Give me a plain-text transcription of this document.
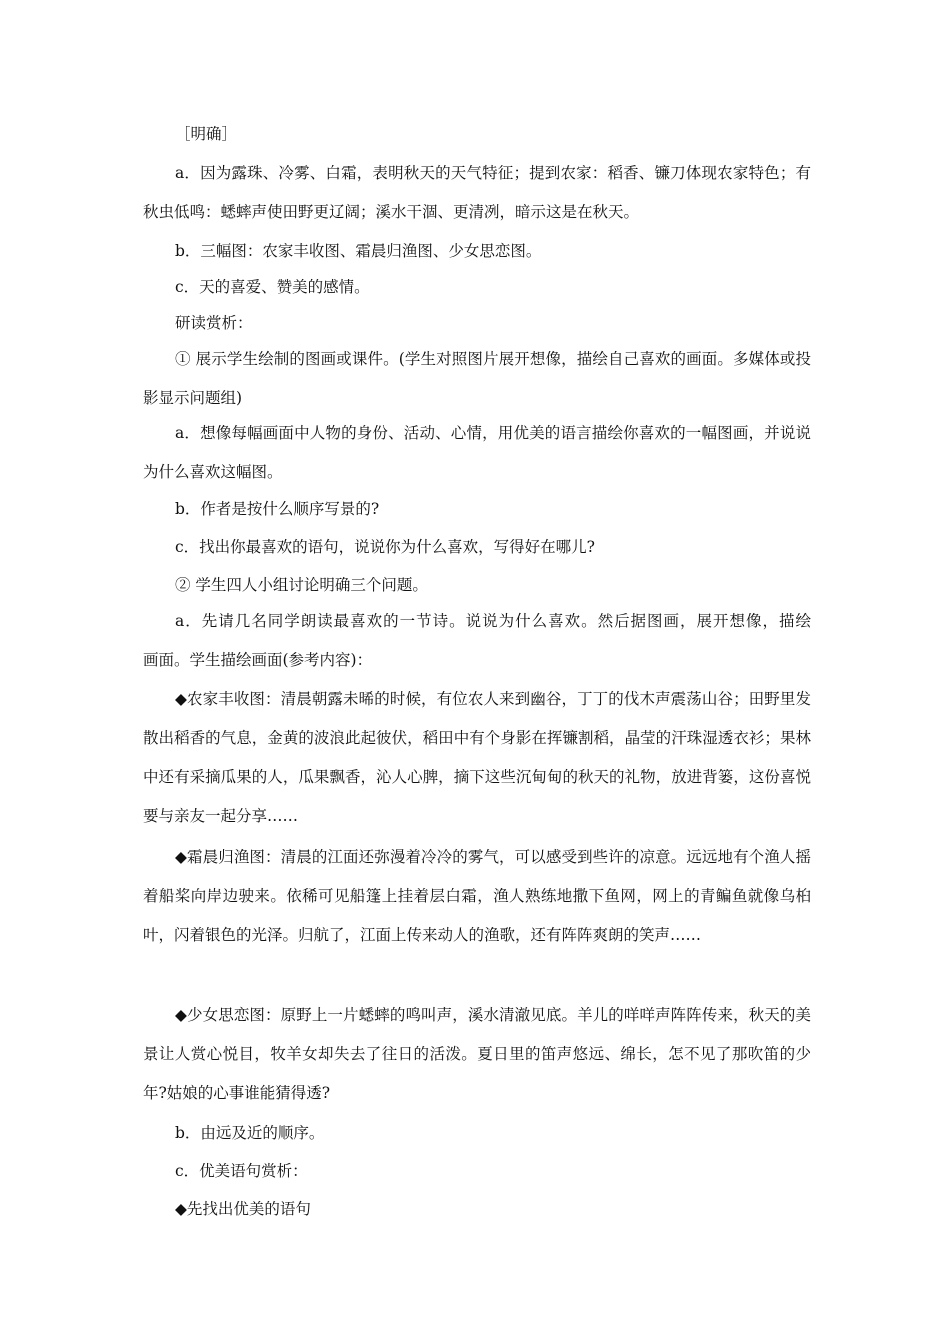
［明确］

a．因为露珠、冷雾、白霜，表明秋天的天气特征；提到农家：稻香、镰刀体现农家特色；有秋虫低鸣：蟋蟀声使田野更辽阔；溪水干涸、更清冽，暗示这是在秋天。

b．三幅图：农家丰收图、霜晨归渔图、少女思恋图。

c．天的喜爱、赞美的感情。

研读赏析：

① 展示学生绘制的图画或课件。(学生对照图片展开想像，描绘自己喜欢的画面。多媒体或投影显示问题组)

a．想像每幅画面中人物的身份、活动、心情，用优美的语言描绘你喜欢的一幅图画，并说说为什么喜欢这幅图。

b．作者是按什么顺序写景的?

c．找出你最喜欢的语句，说说你为什么喜欢，写得好在哪儿?

② 学生四人小组讨论明确三个问题。

a．先请几名同学朗读最喜欢的一节诗。说说为什么喜欢。然后据图画，展开想像，描绘　　画面。学生描绘画面(参考内容)：

◆农家丰收图：清晨朝露未晞的时候，有位农人来到幽谷，丁丁的伐木声震荡山谷；田野里发散出稻香的气息，金黄的波浪此起彼伏，稻田中有个身影在挥镰割稻，晶莹的汗珠湿透衣衫；果林中还有采摘瓜果的人，瓜果飘香，沁人心脾，摘下这些沉甸甸的秋天的礼物，放进背篓，这份喜悦要与亲友一起分享……

◆霜晨归渔图：清晨的江面还弥漫着冷冷的雾气，可以感受到些许的凉意。远远地有个渔人摇着船桨向岸边驶来。依稀可见船篷上挂着层白霜，渔人熟练地撒下鱼网，网上的青鳊鱼就像乌桕叶，闪着银色的光泽。归航了，江面上传来动人的渔歌，还有阵阵爽朗的笑声……

◆少女思恋图：原野上一片蟋蟀的鸣叫声，溪水清澈见底。羊儿的咩咩声阵阵传来，秋天的美景让人赏心悦目，牧羊女却失去了往日的活泼。夏日里的笛声悠远、绵长，怎不见了那吹笛的少年?姑娘的心事谁能猜得透?

b．由远及近的顺序。

c．优美语句赏析：

◆先找出优美的语句
